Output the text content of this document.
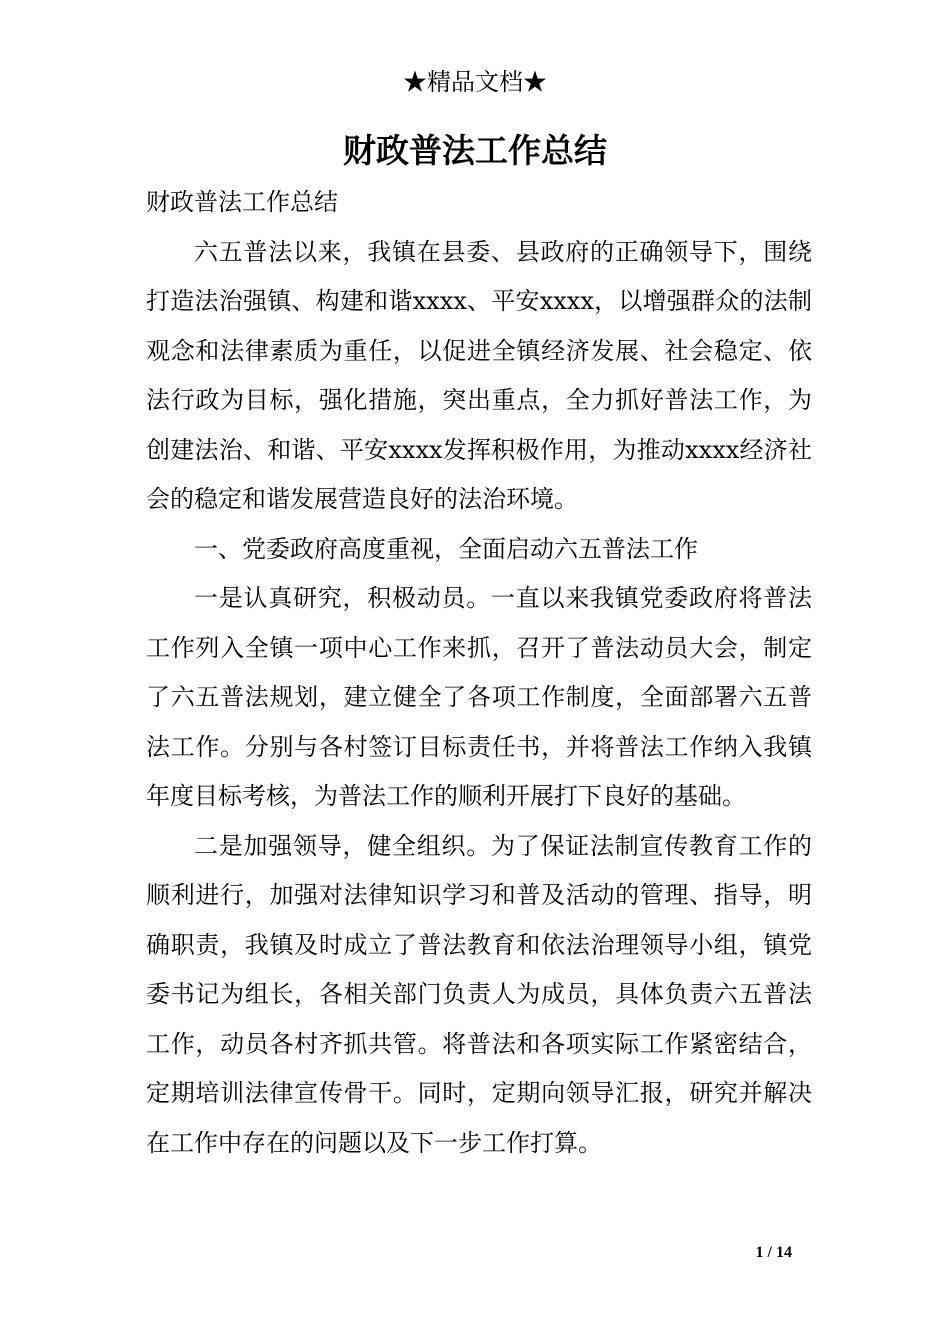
★精品文档★
财政普法工作总结

财政普法工作总结

六五普法以来，我镇在县委、县政府的正确领导下，围绕打造法治强镇、构建和谐xxxx、平安xxxx，以增强群众的法制观念和法律素质为重任，以促进全镇经济发展、社会稳定、依法行政为目标，强化措施，突出重点，全力抓好普法工作，为创建法治、和谐、平安xxxx发挥积极作用，为推动xxxx经济社会的稳定和谐发展营造良好的法治环境。

一、党委政府高度重视，全面启动六五普法工作

一是认真研究，积极动员。一直以来我镇党委政府将普法工作列入全镇一项中心工作来抓，召开了普法动员大会，制定了六五普法规划，建立健全了各项工作制度，全面部署六五普法工作。分别与各村签订目标责任书，并将普法工作纳入我镇年度目标考核，为普法工作的顺利开展打下良好的基础。

二是加强领导，健全组织。为了保证法制宣传教育工作的顺利进行，加强对法律知识学习和普及活动的管理、指导，明确职责，我镇及时成立了普法教育和依法治理领导小组，镇党委书记为组长，各相关部门负责人为成员，具体负责六五普法工作，动员各村齐抓共管。将普法和各项实际工作紧密结合，定期培训法律宣传骨干。同时，定期向领导汇报，研究并解决在工作中存在的问题以及下一步工作打算。

1 / 14
